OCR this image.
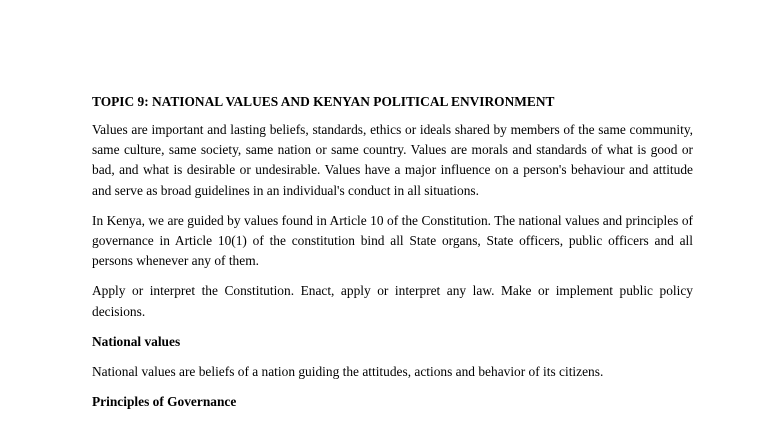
TOPIC 9: NATIONAL VALUES AND KENYAN POLITICAL ENVIRONMENT

Values are important and lasting beliefs, standards, ethics or ideals shared by members of the same community, same culture, same society, same nation or same country. Values are morals and standards of what is good or bad, and what is desirable or undesirable. Values have a major influence on a person's behaviour and attitude and serve as broad guidelines in an individual's conduct in all situations.

In Kenya, we are guided by values found in Article 10 of the Constitution. The national values and principles of governance in Article 10(1) of the constitution bind all State organs, State officers, public officers and all persons whenever any of them.

Apply or interpret the Constitution. Enact, apply or interpret any law. Make or implement public policy decisions.

National values

National values are beliefs of a nation guiding the attitudes, actions and behavior of its citizens.

Principles of Governance
